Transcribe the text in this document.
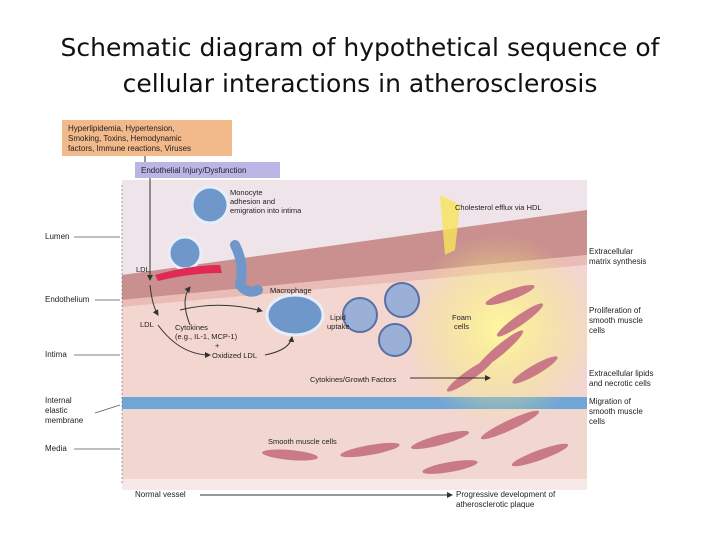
Schematic diagram of hypothetical sequence of
cellular interactions in atherosclerosis
Hyperlipidemia, Hypertension,
Smoking, Toxins, Hemodynamic
factors, Immune reactions, Viruses
Endothelial Injury/Dysfunction
Monocyte
adhesion and
emigration into intima	Cholesterol efflux via HDL
LDL
LDL
Macrophage
Cytokines
(e.g., IL-1, MCP-1)
+
Oxidized LDL
Lipid
uptake
Foam
cells
Cytokines/Growth Factors
Smooth muscle cells
Lumen
Endothelium
Intima
Internal
elastic
membrane
Media
Extracellular
matrix synthesis
Proliferation of
smooth muscle
cells
Extracellular lipids
and necrotic cells
Migration of
smooth muscle
cells
Normal vessel	Progressive development of
atherosclerotic plaque
